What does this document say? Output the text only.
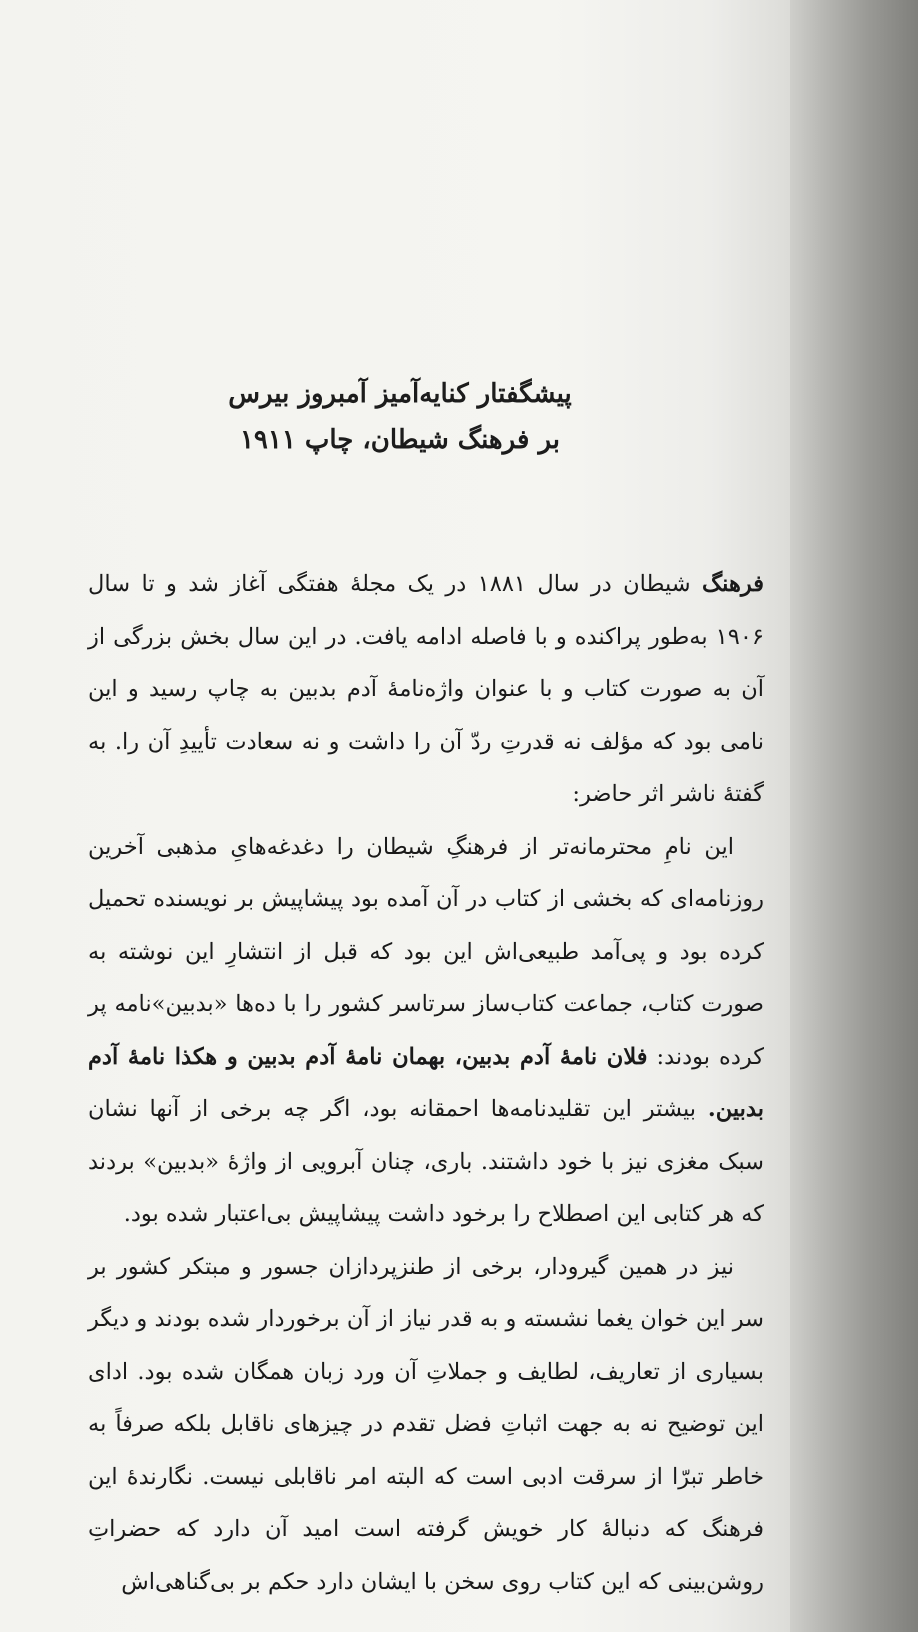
پیشگفتار کنایه‌آمیز آمبروز بیرس
بر فرهنگ شیطان، چاپ ۱۹۱۱

فرهنگ شیطان در سال ۱۸۸۱ در یک مجلهٔ هفتگی آغاز شد و تا سال ۱۹۰۶ به‌طور پراکنده و با فاصله ادامه یافت. در این سال بخش بزرگی از آن به صورت کتاب و با عنوان واژه‌نامهٔ آدم بدبین به چاپ رسید و این نامی بود که مؤلف نه قدرتِ ردّ آن را داشت و نه سعادت تأییدِ آن را. به گفتهٔ ناشر اثر حاضر:

این نامِ محترمانه‌تر از فرهنگِ شیطان را دغدغه‌هایِ مذهبی آخرین روزنامه‌ای که بخشی از کتاب در آن آمده بود پیشاپیش بر نویسنده تحمیل کرده بود و پی‌آمد طبیعی‌اش این بود که قبل از انتشارِ این نوشته به صورت کتاب، جماعت کتاب‌ساز سرتاسر کشور را با ده‌ها «بدبین»نامه پر کرده بودند: فلان نامهٔ آدم بدبین، بهمان نامهٔ آدم بدبین و هکذا نامهٔ آدم بدبین. بیشتر این تقلیدنامه‌ها احمقانه بود، اگر چه برخی از آنها نشان سبک مغزی نیز با خود داشتند. باری، چنان آبرویی از واژهٔ «بدبین» بردند که هر کتابی این اصطلاح را برخود داشت پیشاپیش بی‌اعتبار شده بود.

نیز در همین گیرودار، برخی از طنزپردازان جسور و مبتکر کشور بر سر این خوان یغما نشسته و به قدر نیاز از آن برخوردار شده بودند و دیگر بسیاری از تعاریف، لطایف و جملاتِ آن ورد زبان همگان شده بود. ادای این توضیح نه به جهت اثباتِ فضل تقدم در چیزهای ناقابل بلکه صرفاً به خاطر تبرّا از سرقت ادبی است که البته امر ناقابلی نیست. نگارندهٔ این فرهنگ که دنبالهٔ کار خویش گرفته است امید آن دارد که حضراتِ روشن‌بینی که این کتاب روی سخن با ایشان دارد حکم بر بی‌گناهی‌اش
